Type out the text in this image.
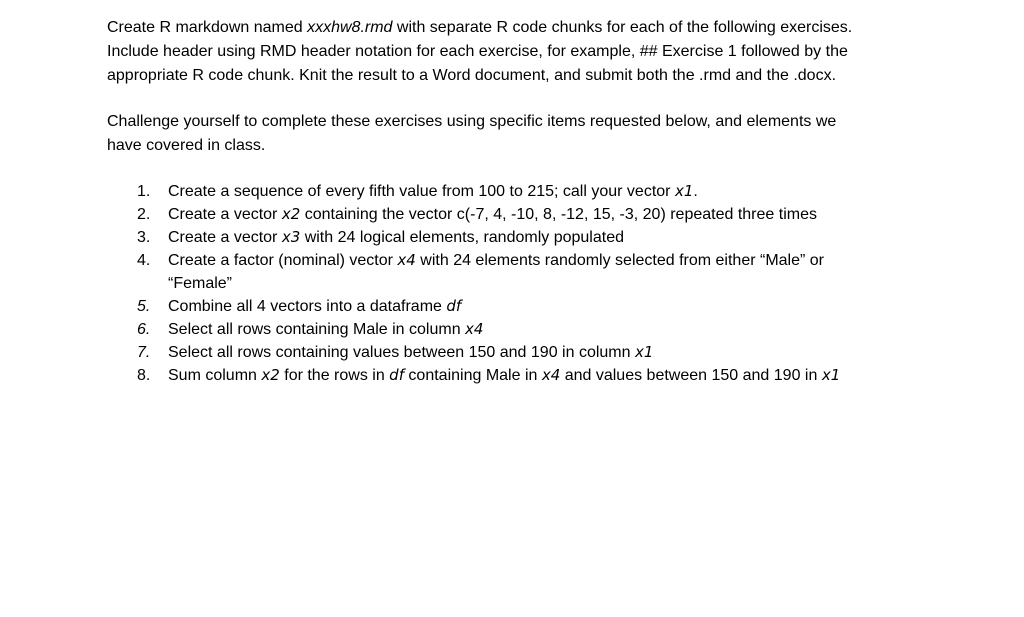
Create R markdown named xxxhw8.rmd with separate R code chunks for each of the following exercises.
Include header using RMD header notation for each exercise, for example, ## Exercise 1 followed by the
appropriate R code chunk. Knit the result to a Word document, and submit both the .rmd and the .docx.

Challenge yourself to complete these exercises using specific items requested below, and elements we
have covered in class.

1.	Create a sequence of every fifth value from 100 to 215; call your vector x1.
2.	Create a vector x2 containing the vector c(-7, 4, -10, 8, -12, 15, -3, 20) repeated three times
3.	Create a vector x3 with 24 logical elements, randomly populated
4.	Create a factor (nominal) vector x4 with 24 elements randomly selected from either “Male” or
“Female”
5.	Combine all 4 vectors into a dataframe df
6.	Select all rows containing Male in column x4
7.	Select all rows containing values between 150 and 190 in column x1
8.	Sum column x2 for the rows in df containing Male in x4 and values between 150 and 190 in x1
